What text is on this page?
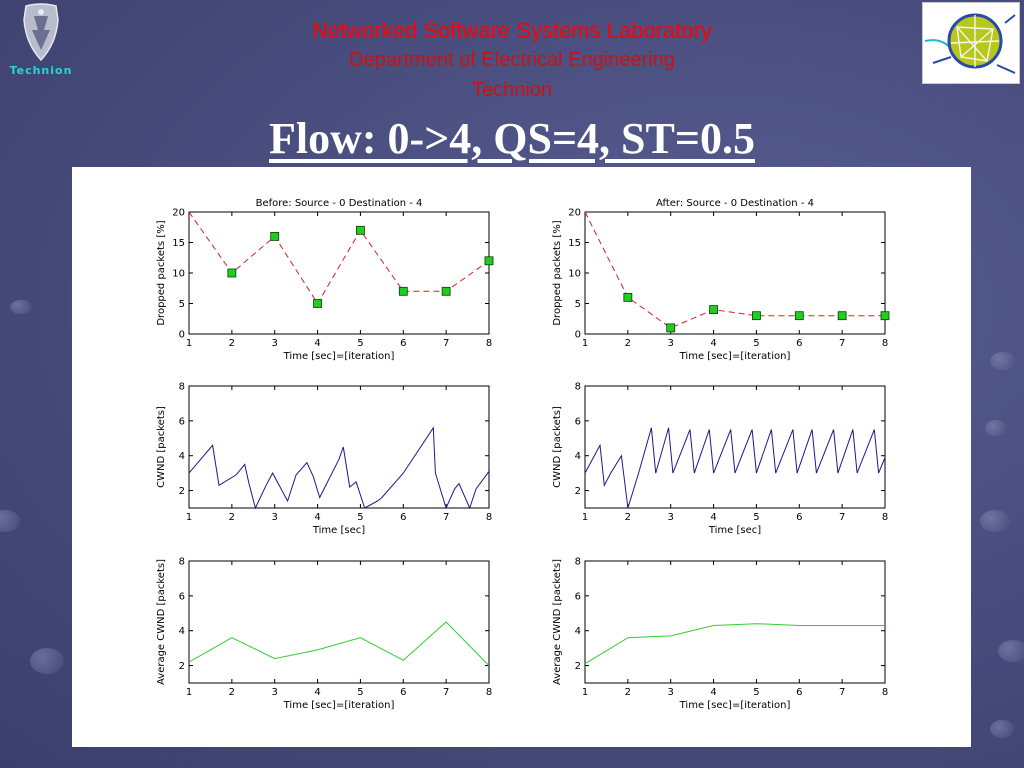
Technion
Networked Software Systems Laboratory
Department of Electrical Engineering
Technion
Flow: 0->4, QS=4, ST=0.5
Before: Source - 0 Destination - 4
1	2	3	4	5	6	7	8
0
5
10
15
20
Time [sec]=[iteration]
Dropped packets [%]
After: Source - 0 Destination - 4
1	2	3	4	5	6	7	8
0
5
10
15
20
Time [sec]=[iteration]
Dropped packets [%]
1	2	3	4	5	6	7	8
2
4
6
8
Time [sec]
CWND [packets]
1	2	3	4	5	6	7	8
2
4
6
8
Time [sec]
CWND [packets]
1	2	3	4	5	6	7	8
2
4
6
8
Time [sec]=[iteration]
Average CWND [packets]
1	2	3	4	5	6	7	8
2
4
6
8
Time [sec]=[iteration]
Average CWND [packets]
